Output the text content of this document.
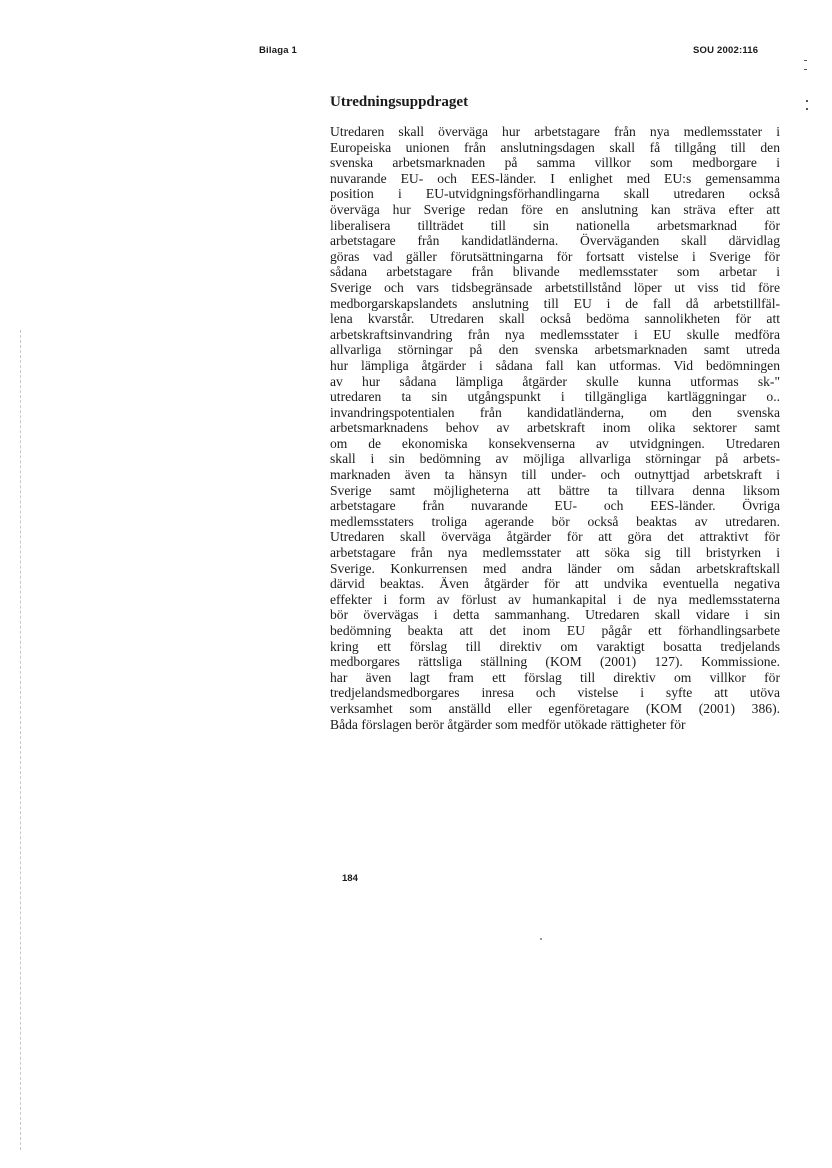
Bilaga 1	SOU 2002:116
Utredningsuppdraget
Utredaren skall överväga hur arbetstagare från nya medlemsstater i
Europeiska unionen från anslutningsdagen skall få tillgång till den
svenska arbetsmarknaden på samma villkor som medborgare i
nuvarande EU- och EES-länder. I enlighet med EU:s gemensamma
position i EU-utvidgningsförhandlingarna skall utredaren också
överväga hur Sverige redan före en anslutning kan sträva efter att
liberalisera tillträdet till sin nationella arbetsmarknad för
arbetstagare från kandidatländerna. Överväganden skall därvidlag
göras vad gäller förutsättningarna för fortsatt vistelse i Sverige för
sådana arbetstagare från blivande medlemsstater som arbetar i
Sverige och vars tidsbegränsade arbetstillstånd löper ut viss tid före
medborgarskapslandets anslutning till EU i de fall då arbetstillfäl-
lena kvarstår. Utredaren skall också bedöma sannolikheten för att
arbetskraftsinvandring från nya medlemsstater i EU skulle medföra
allvarliga störningar på den svenska arbetsmarknaden samt utreda
hur lämpliga åtgärder i sådana fall kan utformas. Vid bedömningen
av hur sådana lämpliga åtgärder skulle kunna utformas sk-"
utredaren ta sin utgångspunkt i tillgängliga kartläggningar o..
invandringspotentialen från kandidatländerna, om den svenska
arbetsmarknadens behov av arbetskraft inom olika sektorer samt
om de ekonomiska konsekvenserna av utvidgningen. Utredaren
skall i sin bedömning av möjliga allvarliga störningar på arbets-
marknaden även ta hänsyn till under- och outnyttjad arbetskraft i
Sverige samt möjligheterna att bättre ta tillvara denna liksom
arbetstagare från nuvarande EU- och EES-länder. Övriga
medlemsstaters troliga agerande bör också beaktas av utredaren.
Utredaren skall överväga åtgärder för att göra det attraktivt för
arbetstagare från nya medlemsstater att söka sig till bristyrken i
Sverige. Konkurrensen med andra länder om sådan arbetskraftskall
därvid beaktas. Även åtgärder för att undvika eventuella negativa
effekter i form av förlust av humankapital i de nya medlemsstaterna
bör övervägas i detta sammanhang. Utredaren skall vidare i sin
bedömning beakta att det inom EU pågår ett förhandlingsarbete
kring ett förslag till direktiv om varaktigt bosatta tredjelands
medborgares rättsliga ställning (KOM (2001) 127). Kommissione.
har även lagt fram ett förslag till direktiv om villkor för
tredjelandsmedborgares inresa och vistelse i syfte att utöva
verksamhet som anställd eller egenföretagare (KOM (2001) 386).
Båda förslagen berör åtgärder som medför utökade rättigheter för
184
